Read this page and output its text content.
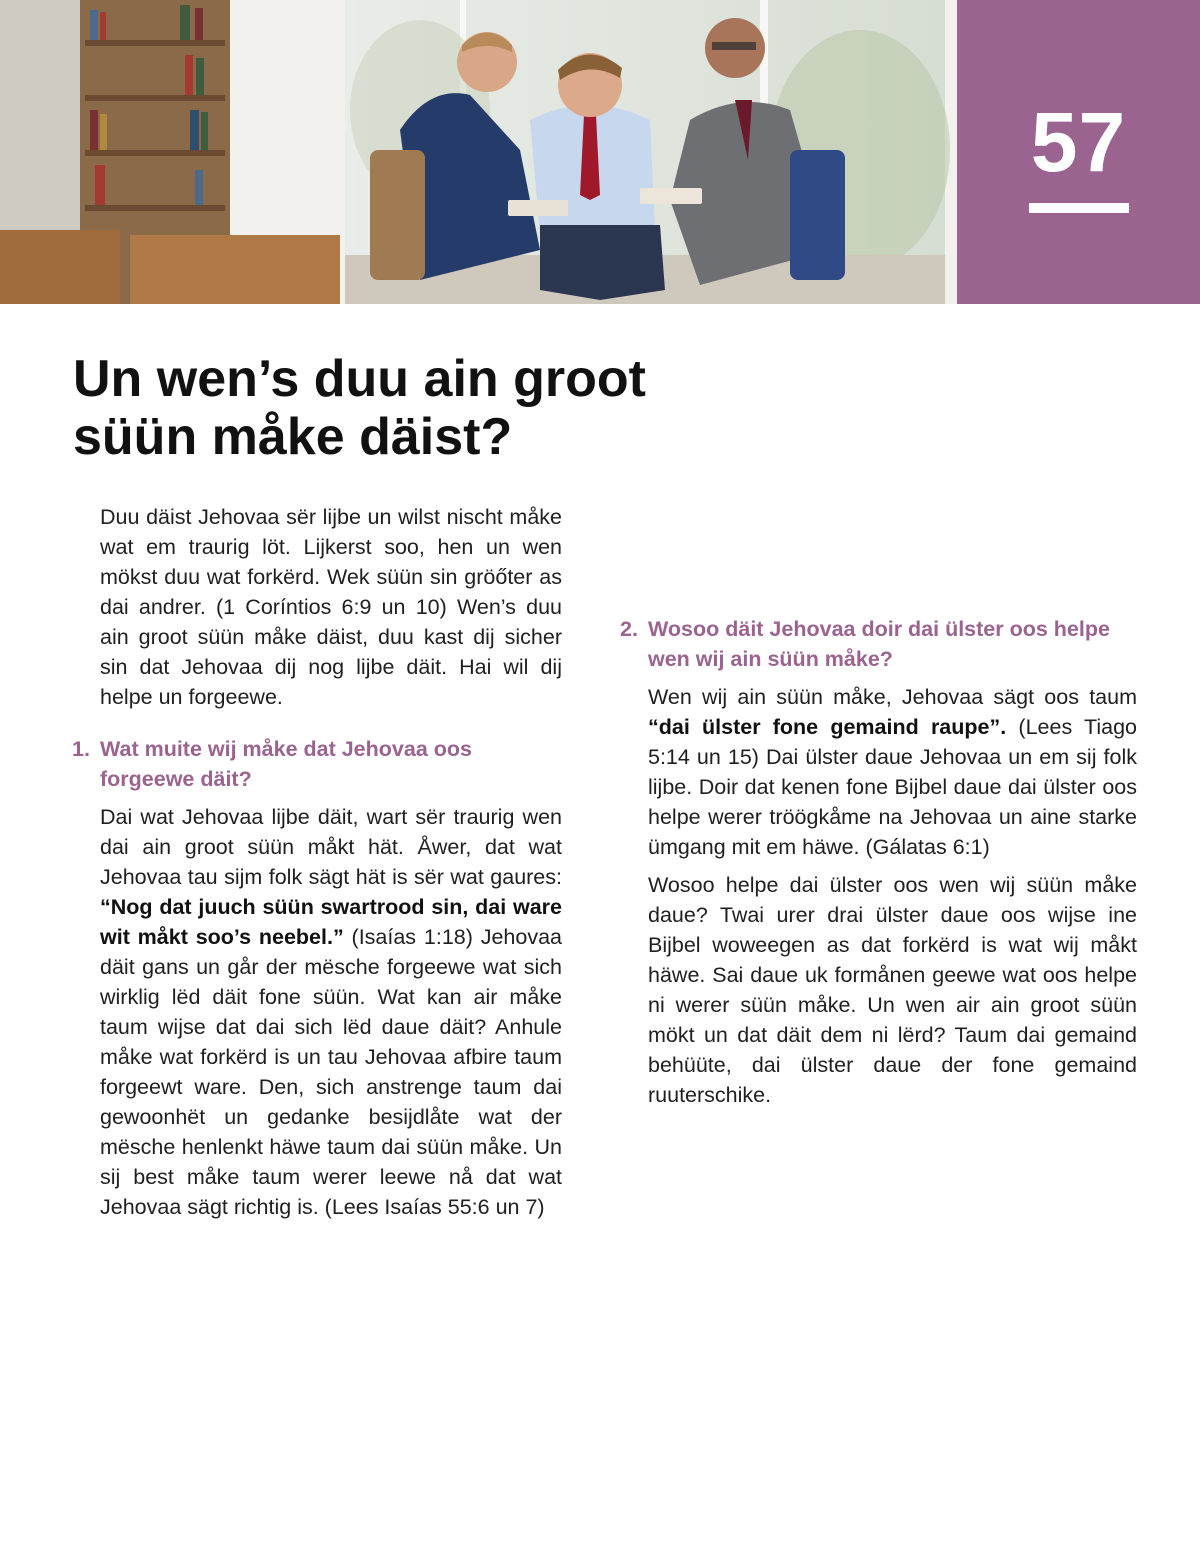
57
Un wen’s duu ain groot
süün måke däist?

Duu däist Jehovaa sër lijbe un wilst nischt måke wat em traurig löt. Lijkerst soo, hen un wen mökst duu wat forkërd. Wek süün sin gröőter as dai andrer. (1 Coríntios 6:9 un 10) Wen’s duu ain groot süün måke däist, duu kast dij sicher sin dat Jehovaa dij nog lijbe däit. Hai wil dij helpe un forgeewe.

1. Wat muite wij måke dat Jehovaa oos forgeewe däit?

Dai wat Jehovaa lijbe däit, wart sër traurig wen dai ain groot süün måkt hät. Åwer, dat wat Jehovaa tau sijm folk sägt hät is sër wat gaures: “Nog dat juuch süün swartrood sin, dai ware wit måkt soo’s neebel.” (Isaías 1:18) Jehovaa däit gans un går der mësche forgeewe wat sich wirklig lëd däit fone süün. Wat kan air måke taum wijse dat dai sich lëd daue däit? Anhule måke wat forkërd is un tau Jehovaa afbire taum forgeewt ware. Den, sich anstrenge taum dai gewoonhët un gedanke besijdlåte wat der mësche henlenkt häwe taum dai süün måke. Un sij best måke taum werer leewe nå dat wat Jehovaa sägt richtig is. (Lees Isaías 55:6 un 7)

2. Wosoo däit Jehovaa doir dai ülster oos helpe wen wij ain süün måke?

Wen wij ain süün måke, Jehovaa sägt oos taum “dai ülster fone gemaind raupe”. (Lees Tiago 5:14 un 15) Dai ülster daue Jehovaa un em sij folk lijbe. Doir dat kenen fone Bijbel daue dai ülster oos helpe werer tröögkåme na Jehovaa un aine starke ümgang mit em häwe. (Gálatas 6:1)

Wosoo helpe dai ülster oos wen wij süün måke daue? Twai urer drai ülster daue oos wijse ine Bijbel woweegen as dat forkërd is wat wij måkt häwe. Sai daue uk formånen geewe wat oos helpe ni werer süün måke. Un wen air ain groot süün mökt un dat däit dem ni lërd? Taum dai gemaind behüüte, dai ülster daue der fone gemaind ruuterschike.
